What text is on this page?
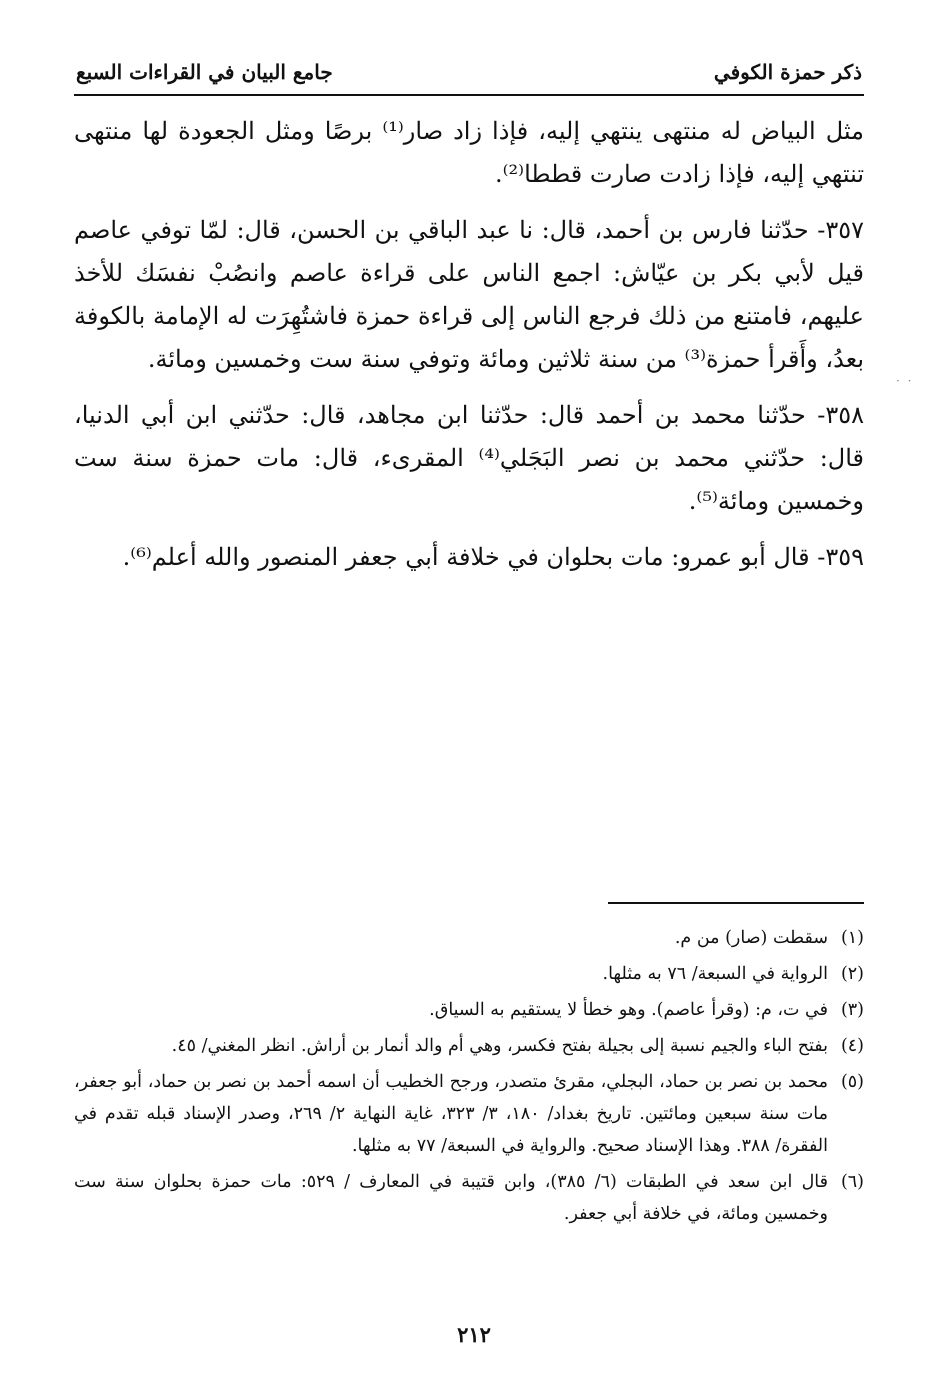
ذكر حمزة الكوفي
جامع البيان في القراءات السبع

مثل البياض له منتهى ينتهي إليه، فإذا زاد صار⁽¹⁾ برصًا ومثل الجعودة لها منتهى تنتهي إليه، فإذا زادت صارت قططا⁽²⁾.

٣٥٧- حدّثنا فارس بن أحمد، قال: نا عبد الباقي بن الحسن، قال: لمّا توفي عاصم قيل لأبي بكر بن عيّاش: اجمع الناس على قراءة عاصم وانصُبْ نفسَك للأخذ عليهم، فامتنع من ذلك فرجع الناس إلى قراءة حمزة فاشتُهِرَت له الإمامة بالكوفة بعدُ، وأَقرأ حمزة⁽³⁾ من سنة ثلاثين ومائة وتوفي سنة ست وخمسين ومائة.

٣٥٨- حدّثنا محمد بن أحمد قال: حدّثنا ابن مجاهد، قال: حدّثني ابن أبي الدنيا، قال: حدّثني محمد بن نصر البَجَلي⁽⁴⁾ المقرىء، قال: مات حمزة سنة ست وخمسين ومائة⁽⁵⁾.

٣٥٩- قال أبو عمرو: مات بحلوان في خلافة أبي جعفر المنصور والله أعلم⁽⁶⁾.

· ·
(١)
سقطت (صار) من م.
(٢)
الرواية في السبعة/ ٧٦ به مثلها.
(٣)
في ت، م: (وقرأ عاصم). وهو خطأ لا يستقيم به السياق.
(٤)
بفتح الباء والجيم نسبة إلى بجيلة بفتح فكسر، وهي أم والد أنمار بن أراش. انظر المغني/ ٤٥.
(٥)
محمد بن نصر بن حماد، البجلي، مقرئ متصدر، ورجح الخطيب أن اسمه أحمد بن نصر بن حماد، أبو جعفر، مات سنة سبعين ومائتين. تاريخ بغداد/ ١٨٠، ٣/ ٣٢٣، غاية النهاية ٢/ ٢٦٩، وصدر الإسناد قبله تقدم في الفقرة/ ٣٨٨. وهذا الإسناد صحيح. والرواية في السبعة/ ٧٧ به مثلها.
(٦)
قال ابن سعد في الطبقات (٦/ ٣٨٥)، وابن قتيبة في المعارف / ٥٢٩: مات حمزة بحلوان سنة ست وخمسين ومائة، في خلافة أبي جعفر.
٢١٢
